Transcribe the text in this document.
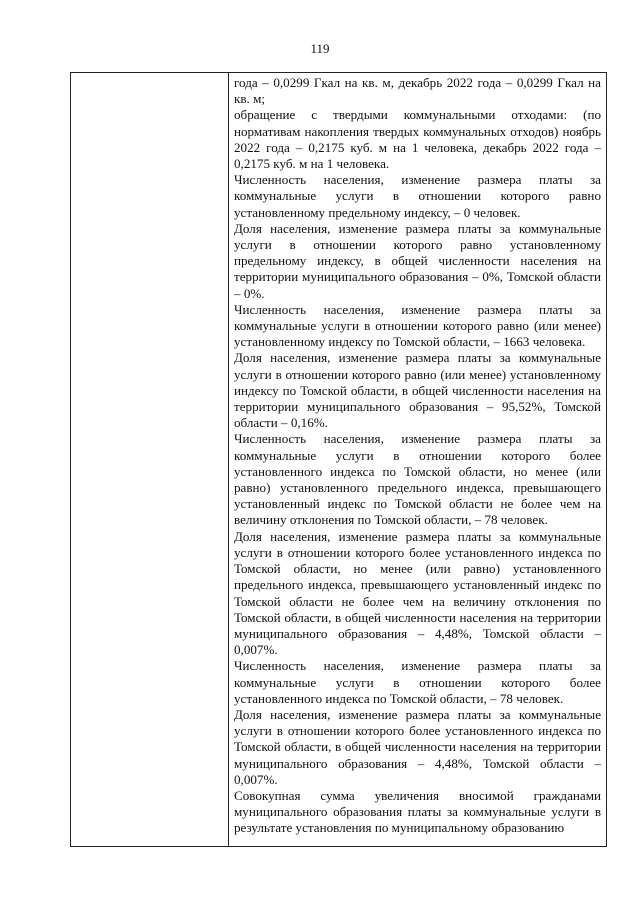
119

года – 0,0299 Гкал на кв. м, декабрь 2022 года – 0,0299 Гкал на кв. м;

обращение с твердыми коммунальными отходами: (по нормативам накопления твердых коммунальных отходов) ноябрь 2022 года – 0,2175 куб. м на 1 человека, декабрь 2022 года – 0,2175 куб. м на 1 человека.

Численность населения, изменение размера платы за коммунальные услуги в отношении которого равно установленному предельному индексу, – 0 человек.

Доля населения, изменение размера платы за коммунальные услуги в отношении которого равно установленному предельному индексу, в общей численности населения на территории муниципального образования – 0%, Томской области – 0%.

Численность населения, изменение размера платы за коммунальные услуги в отношении которого равно (или менее) установленному индексу по Томской области, – 1663 человека.

Доля населения, изменение размера платы за коммунальные услуги в отношении которого равно (или менее) установленному индексу по Томской области, в общей численности населения на территории муниципального образования – 95,52%, Томской области – 0,16%.

Численность населения, изменение размера платы за коммунальные услуги в отношении которого более установленного индекса по Томской области, но менее (или равно) установленного предельного индекса, превышающего установленный индекс по Томской области не более чем на величину отклонения по Томской области, – 78 человек.

Доля населения, изменение размера платы за коммунальные услуги в отношении которого более установленного индекса по Томской области, но менее (или равно) установленного предельного индекса, превышающего установленный индекс по Томской области не более чем на величину отклонения по Томской области, в общей численности населения на территории муниципального образования – 4,48%, Томской области – 0,007%.

Численность населения, изменение размера платы за коммунальные услуги в отношении которого более установленного индекса по Томской области, – 78 человек.

Доля населения, изменение размера платы за коммунальные услуги в отношении которого более установленного индекса по Томской области, в общей численности населения на территории муниципального образования – 4,48%, Томской области – 0,007%.

Совокупная сумма увеличения вносимой гражданами муниципального образования платы за коммунальные услуги в результате установления по муниципальному образованию
